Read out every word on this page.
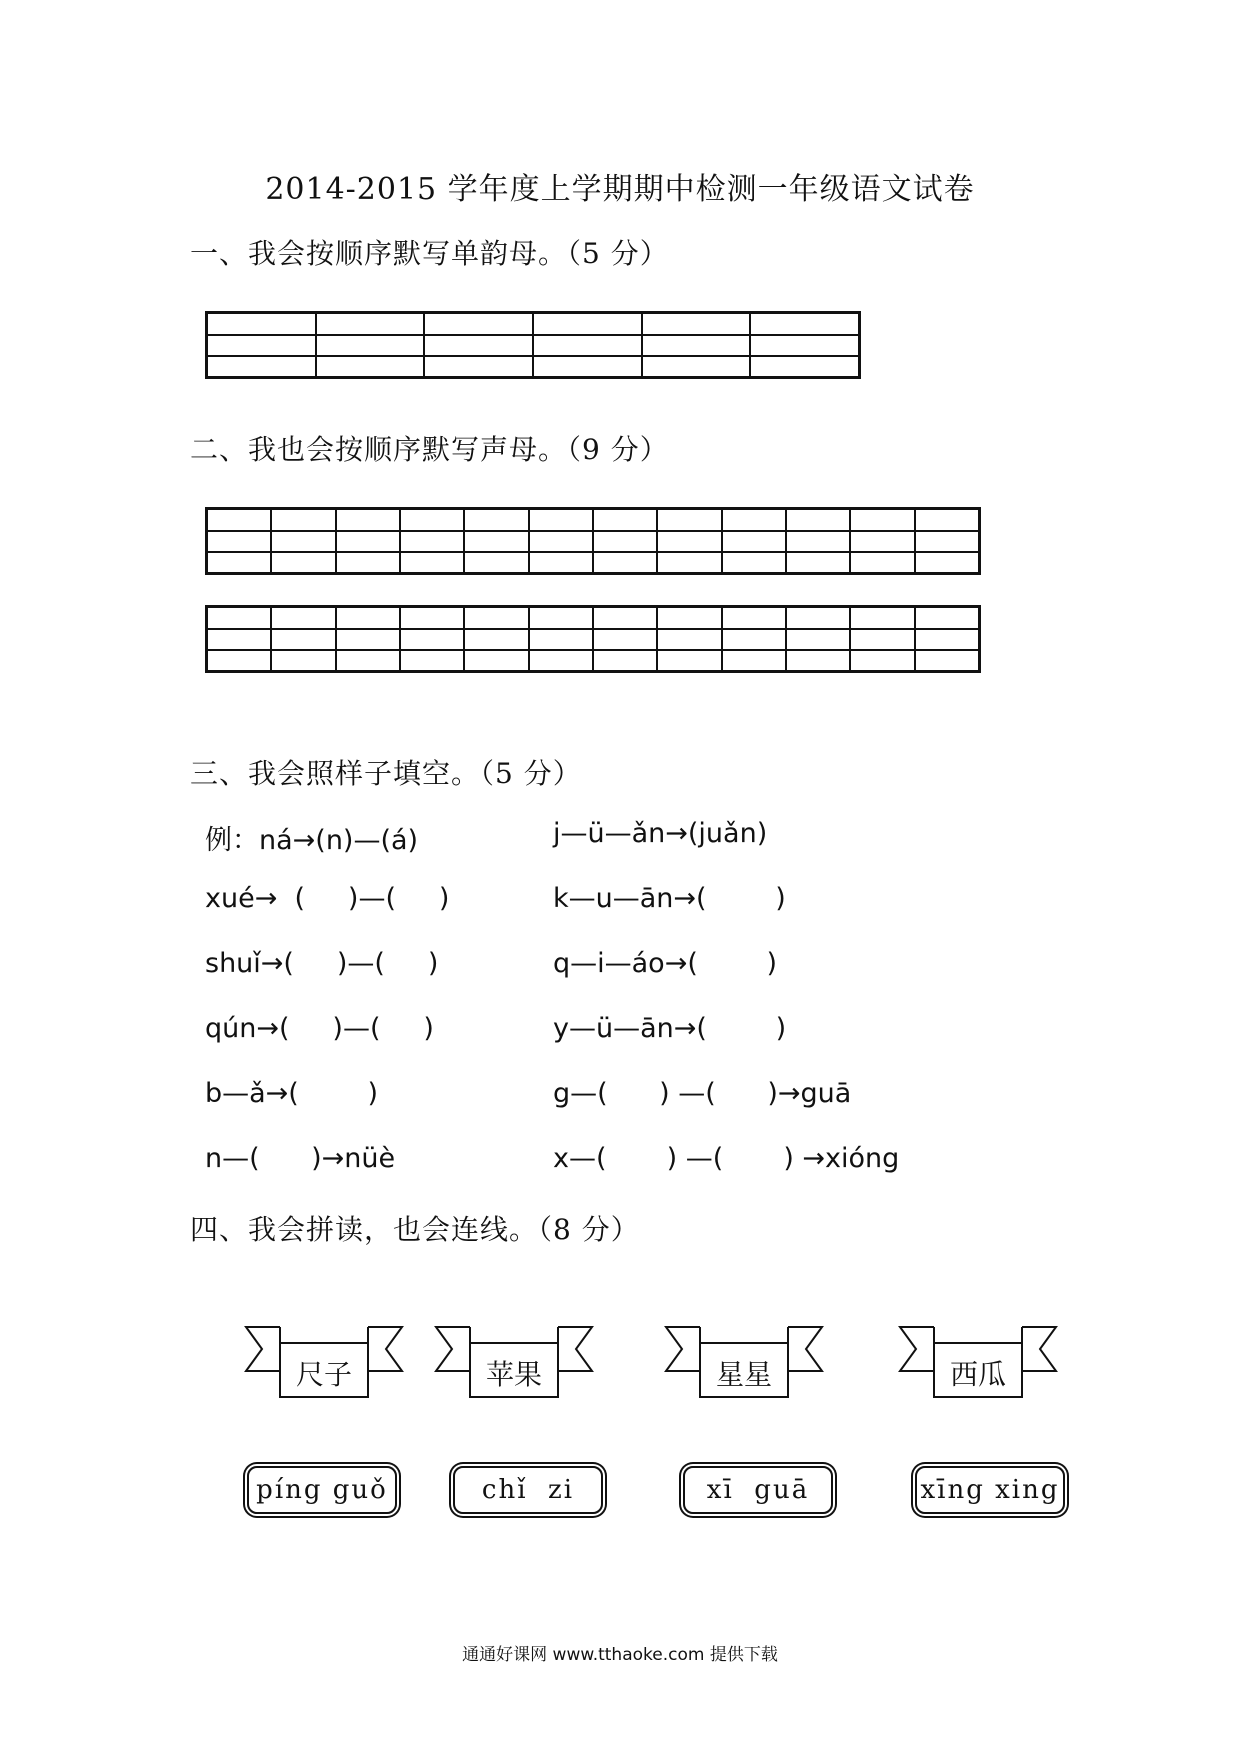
2014-2015 学年度上学期期中检测一年级语文试卷
一、我会按顺序默写单韵母。（5 分）
二、我也会按顺序默写声母。（9 分）
三、我会照样子填空。（5 分）
例：ná→(n)—(á)
xué→  (     )—(     )
shuǐ→(     )—(     )
qún→(     )—(     )
b—ǎ→(        )
n—(      )→nüè
j—ü—ǎn→(juǎn)
k—u—ān→(        )
q—i—áo→(        )
y—ü—ān→(        )
g—(      ) —(      )→guā
x—(       ) —(       ) →xióng
四、我会拼读，也会连线。（8 分）
尺子	苹果	星星	西瓜
píng guǒ	chǐ  zi	xī  guā	xīng xing
通通好课网 www.tthaoke.com 提供下载
